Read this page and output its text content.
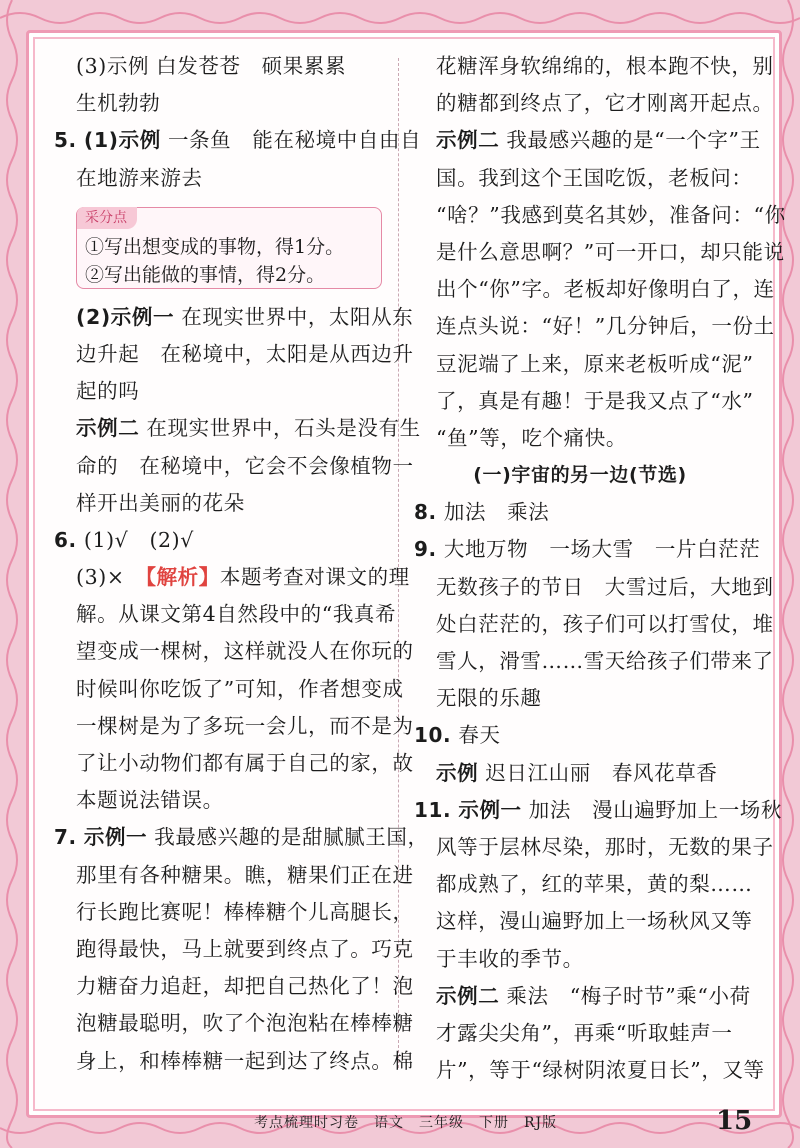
(3)示例 白发苍苍　硕果累累
生机勃勃
5. (1)示例 一条鱼　能在秘境中自由自
在地游来游去
采分点
①写出想变成的事物，得1分。
②写出能做的事情，得2分。
(2)示例一 在现实世界中，太阳从东
边升起　在秘境中，太阳是从西边升
起的吗
示例二 在现实世界中，石头是没有生
命的　在秘境中，它会不会像植物一
样开出美丽的花朵
6. (1)√　(2)√
(3)×　【解析】本题考查对课文的理
解。从课文第4自然段中的“我真希
望变成一棵树，这样就没人在你玩的
时候叫你吃饭了”可知，作者想变成
一棵树是为了多玩一会儿，而不是为
了让小动物们都有属于自己的家，故
本题说法错误。
7. 示例一 我最感兴趣的是甜腻腻王国，
那里有各种糖果。瞧，糖果们正在进
行长跑比赛呢！棒棒糖个儿高腿长，
跑得最快，马上就要到终点了。巧克
力糖奋力追赶，却把自己热化了！泡
泡糖最聪明，吹了个泡泡粘在棒棒糖
身上，和棒棒糖一起到达了终点。棉
花糖浑身软绵绵的，根本跑不快，别
的糖都到终点了，它才刚离开起点。
示例二 我最感兴趣的是“一个字”王
国。我到这个王国吃饭，老板问：
“啥？”我感到莫名其妙，准备问：“你
是什么意思啊？”可一开口，却只能说
出个“你”字。老板却好像明白了，连
连点头说：“好！”几分钟后，一份土
豆泥端了上来，原来老板听成“泥”
了，真是有趣！于是我又点了“水”
“鱼”等，吃个痛快。
(一)宇宙的另一边(节选)
8. 加法　乘法
9. 大地万物　一场大雪　一片白茫茫
无数孩子的节日　大雪过后，大地到
处白茫茫的，孩子们可以打雪仗，堆
雪人，滑雪……雪天给孩子们带来了
无限的乐趣
10. 春天
示例 迟日江山丽　春风花草香
11. 示例一 加法　漫山遍野加上一场秋
风等于层林尽染，那时，无数的果子
都成熟了，红的苹果，黄的梨……
这样，漫山遍野加上一场秋风又等
于丰收的季节。
示例二 乘法　“梅子时节”乘“小荷
才露尖尖角”，再乘“听取蛙声一
片”，等于“绿树阴浓夏日长”，又等
考点梳理时习卷　语文　三年级　下册　RJ版	15
